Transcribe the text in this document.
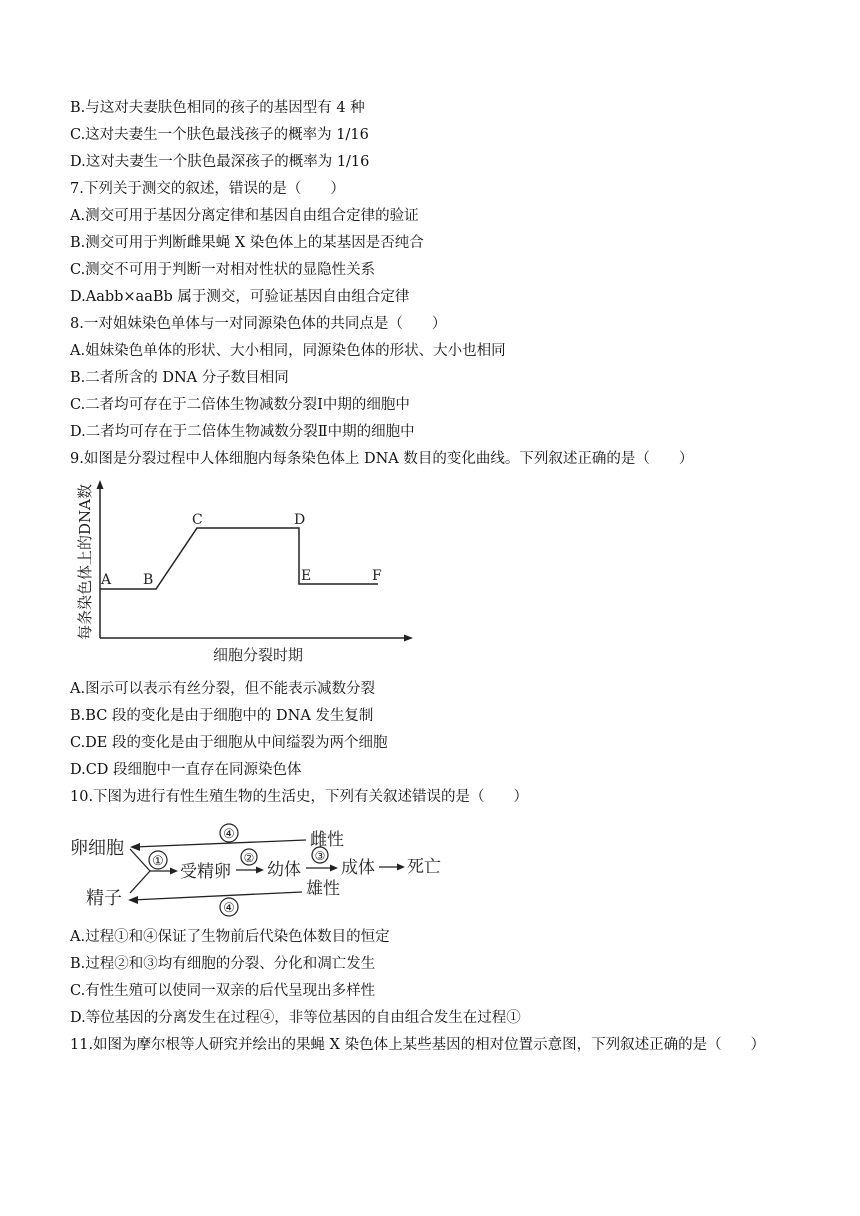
B.与这对夫妻肤色相同的孩子的基因型有 4 种
C.这对夫妻生一个肤色最浅孩子的概率为 1/16
D.这对夫妻生一个肤色最深孩子的概率为 1/16
7.下列关于测交的叙述，错误的是（　　）
A.测交可用于基因分离定律和基因自由组合定律的验证
B.测交可用于判断雌果蝇 X 染色体上的某基因是否纯合
C.测交不可用于判断一对相对性状的显隐性关系
D.Aabb×aaBb 属于测交，可验证基因自由组合定律
8.一对姐妹染色单体与一对同源染色体的共同点是（　　）
A.姐妹染色单体的形状、大小相同，同源染色体的形状、大小也相同
B.二者所含的 DNA 分子数目相同
C.二者均可存在于二倍体生物减数分裂Ⅰ中期的细胞中
D.二者均可存在于二倍体生物减数分裂Ⅱ中期的细胞中
9.如图是分裂过程中人体细胞内每条染色体上 DNA 数目的变化曲线。下列叙述正确的是（　　）
每条染色体上的DNA数
细胞分裂时期
A B
C	D
E	F
A.图示可以表示有丝分裂，但不能表示减数分裂
B.BC 段的变化是由于细胞中的 DNA 发生复制
C.DE 段的变化是由于细胞从中间缢裂为两个细胞
D.CD 段细胞中一直存在同源染色体
10.下图为进行有性生殖生物的生活史，下列有关叙述错误的是（　　）
④	雌性
卵细胞
精子
①
受精卵
②
幼体
③
成体 死亡
雄性
④
A.过程①和④保证了生物前后代染色体数目的恒定
B.过程②和③均有细胞的分裂、分化和凋亡发生
C.有性生殖可以使同一双亲的后代呈现出多样性
D.等位基因的分离发生在过程④，非等位基因的自由组合发生在过程①
11.如图为摩尔根等人研究并绘出的果蝇 X 染色体上某些基因的相对位置示意图，下列叙述正确的是（　　）
